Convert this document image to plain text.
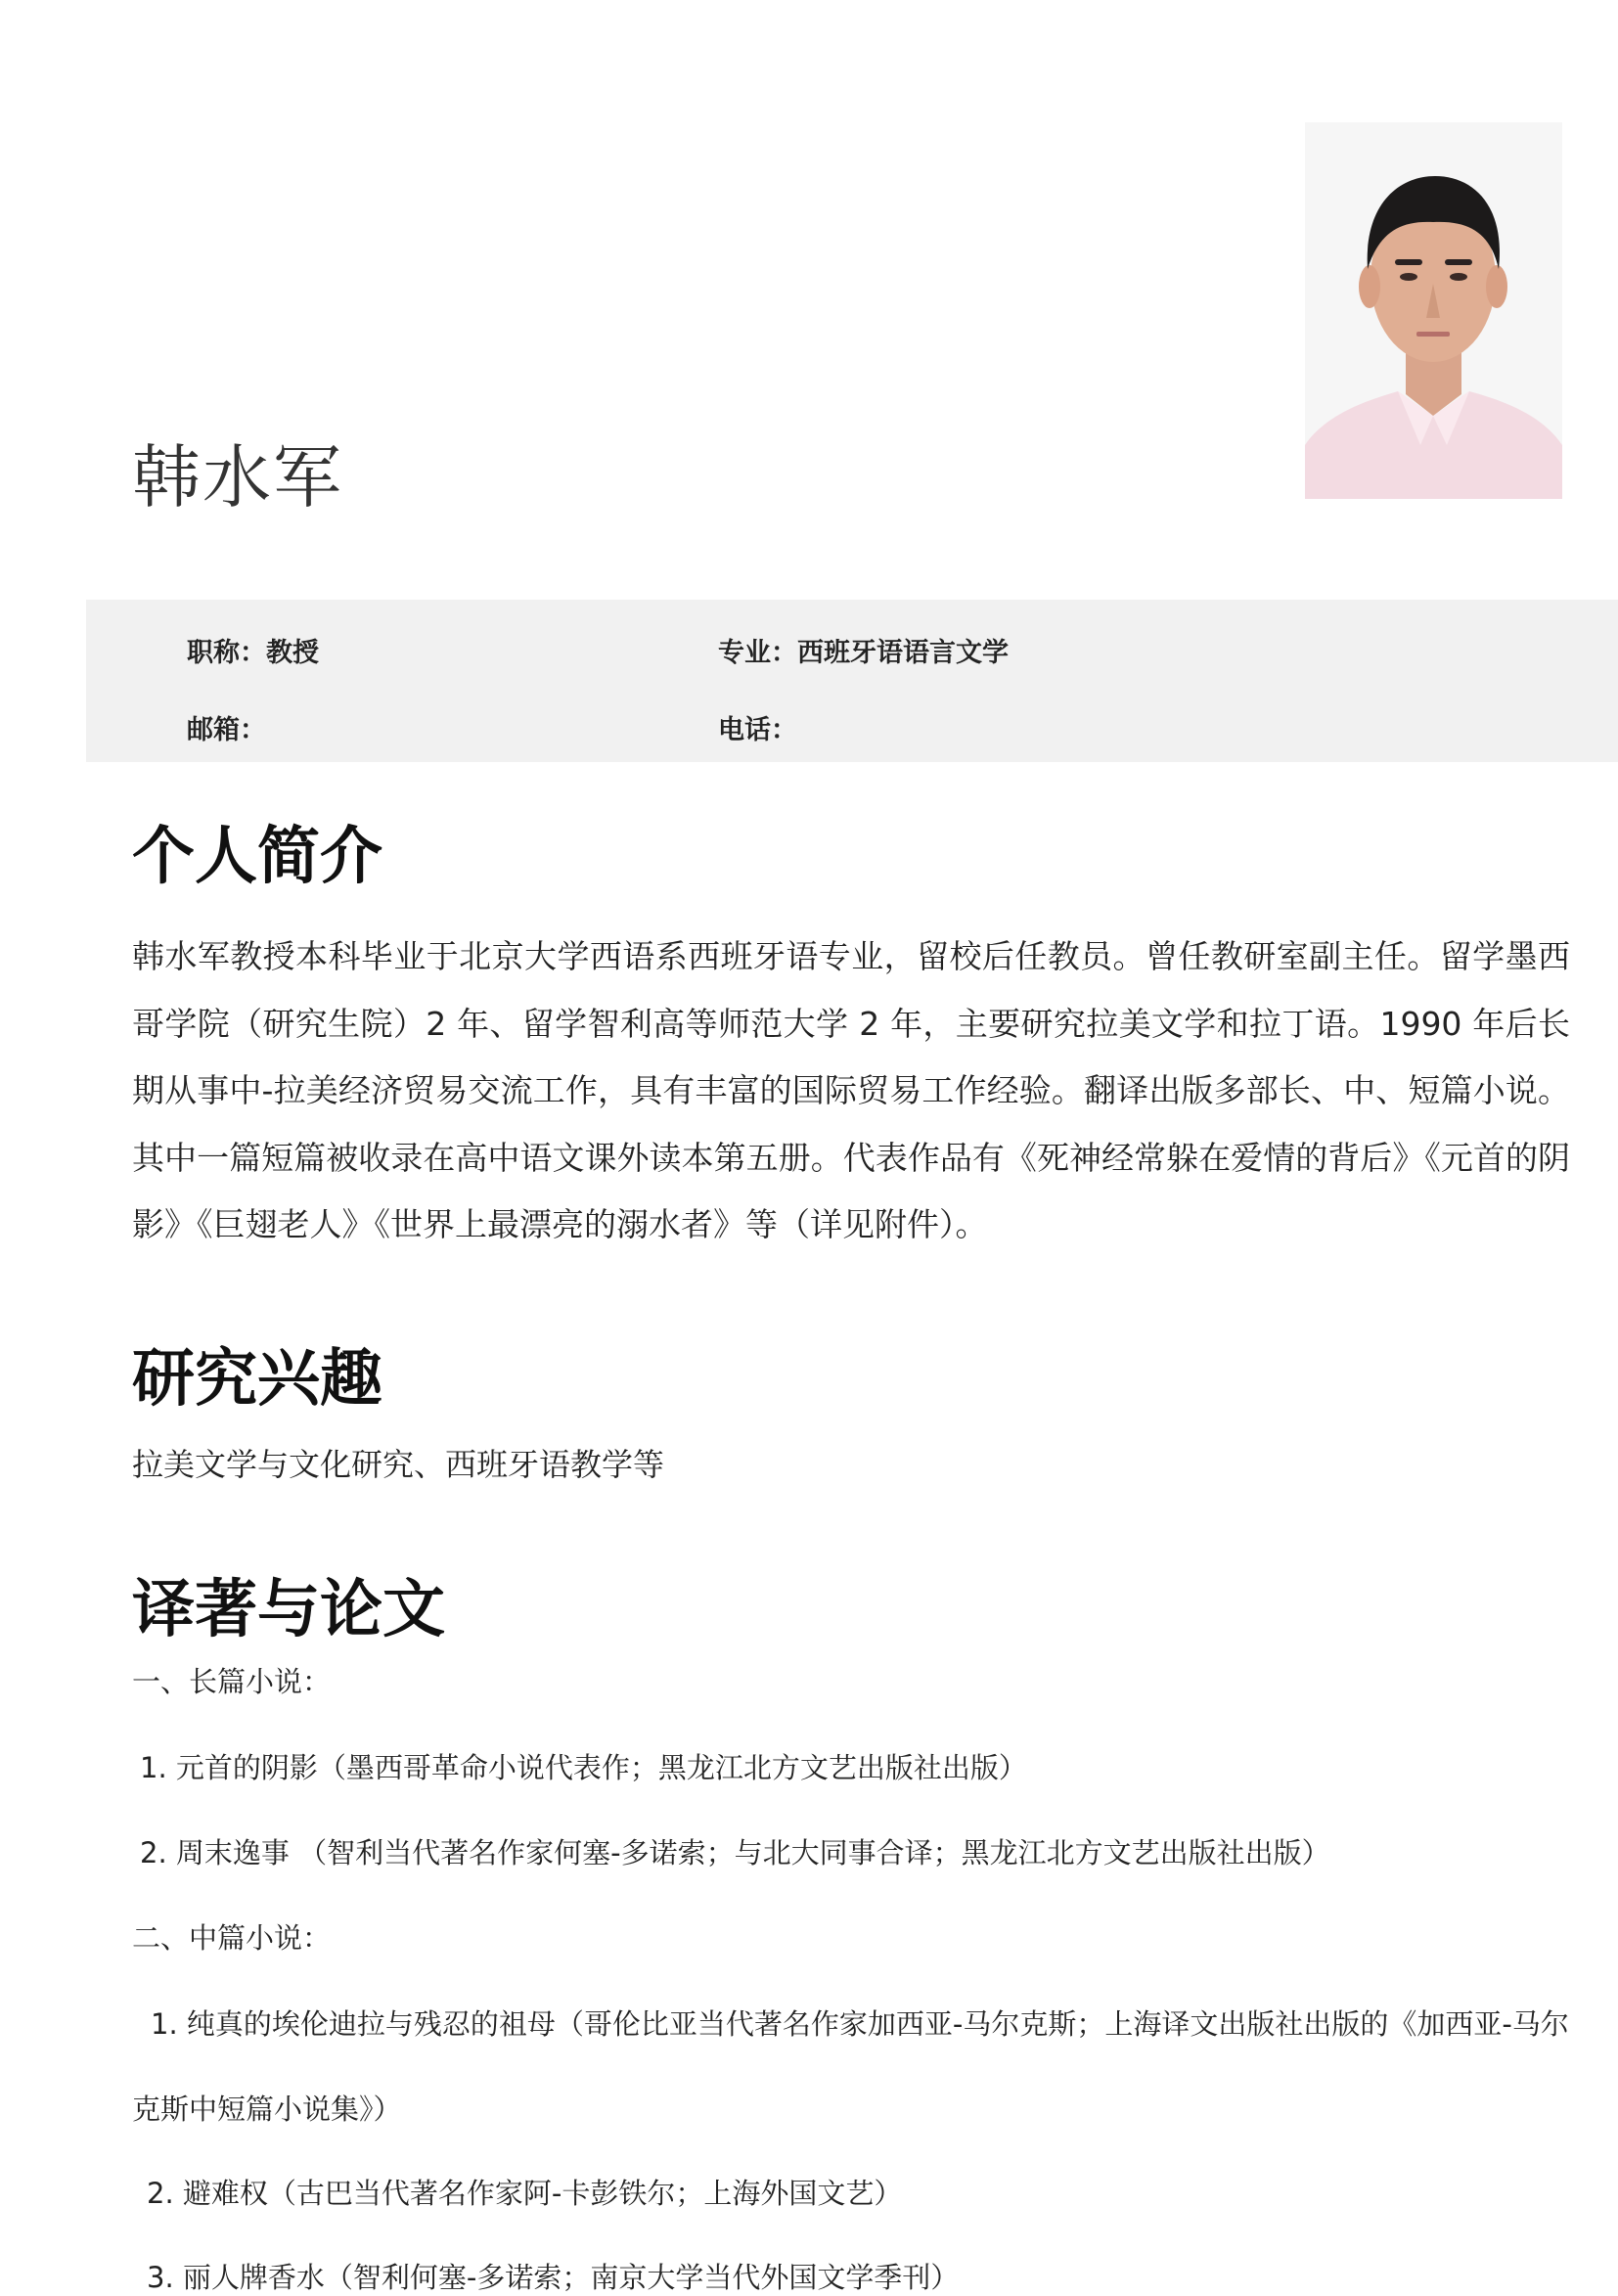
韩水军
职称：教授	专业：西班牙语语言文学
邮箱：	电话：
个人简介

韩水军教授本科毕业于北京大学西语系西班牙语专业，留校后任教员。曾任教研室副主任。留学墨西哥学院（研究生院）2 年、留学智利高等师范大学 2 年，主要研究拉美文学和拉丁语。1990 年后长期从事中-拉美经济贸易交流工作，具有丰富的国际贸易工作经验。翻译出版多部长、中、短篇小说。其中一篇短篇被收录在高中语文课外读本第五册。代表作品有《死神经常躲在爱情的背后》《元首的阴影》《巨翅老人》《世界上最漂亮的溺水者》等（详见附件）。

研究兴趣

拉美文学与文化研究、西班牙语教学等

译著与论文

一、长篇小说：

1. 元首的阴影（墨西哥革命小说代表作；黑龙江北方文艺出版社出版）

2. 周末逸事 （智利当代著名作家何塞-多诺索；与北大同事合译；黑龙江北方文艺出版社出版）

二、中篇小说：

1. 纯真的埃伦迪拉与残忍的祖母（哥伦比亚当代著名作家加西亚-马尔克斯；上海译文出版社出版的《加西亚-马尔克斯中短篇小说集》）

2. 避难权（古巴当代著名作家阿-卡彭铁尔；上海外国文艺）

3. 丽人牌香水（智利何塞-多诺索；南京大学当代外国文学季刊）
